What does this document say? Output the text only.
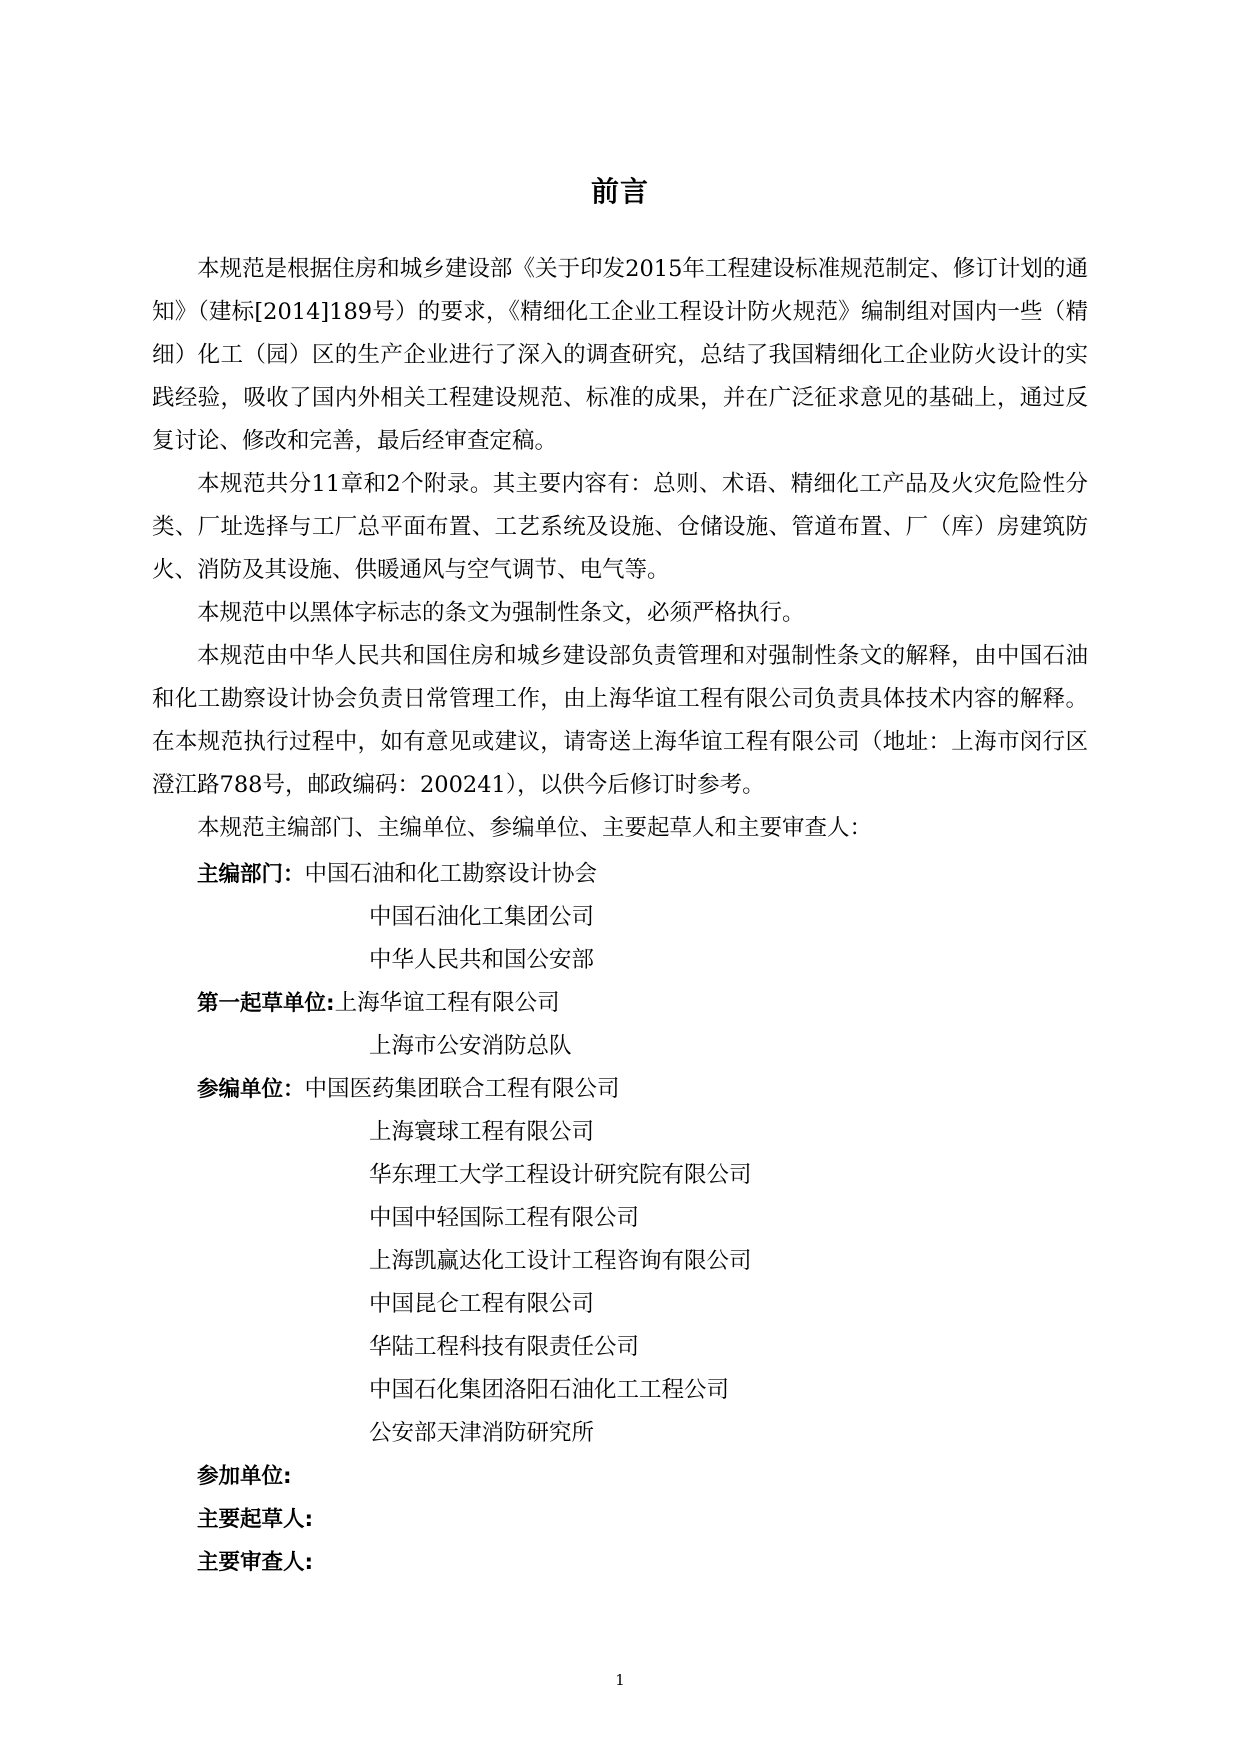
前言

本规范是根据住房和城乡建设部《关于印发2015年工程建设标准规范制定、修订计划的通知》（建标[2014]189号）的要求，《精细化工企业工程设计防火规范》编制组对国内一些（精细）化工（园）区的生产企业进行了深入的调查研究，总结了我国精细化工企业防火设计的实践经验，吸收了国内外相关工程建设规范、标准的成果，并在广泛征求意见的基础上，通过反复讨论、修改和完善，最后经审查定稿。

本规范共分11章和2个附录。其主要内容有：总则、术语、精细化工产品及火灾危险性分类、厂址选择与工厂总平面布置、工艺系统及设施、仓储设施、管道布置、厂（库）房建筑防火、消防及其设施、供暖通风与空气调节、电气等。

本规范中以黑体字标志的条文为强制性条文，必须严格执行。

本规范由中华人民共和国住房和城乡建设部负责管理和对强制性条文的解释，由中国石油和化工勘察设计协会负责日常管理工作，由上海华谊工程有限公司负责具体技术内容的解释。在本规范执行过程中，如有意见或建议，请寄送上海华谊工程有限公司（地址：上海市闵行区澄江路788号，邮政编码：200241），以供今后修订时参考。

本规范主编部门、主编单位、参编单位、主要起草人和主要审查人：

主编部门：中国石油和化工勘察设计协会
中国石油化工集团公司
中华人民共和国公安部
第一起草单位:上海华谊工程有限公司
上海市公安消防总队
参编单位：中国医药集团联合工程有限公司
上海寰球工程有限公司
华东理工大学工程设计研究院有限公司
中国中轻国际工程有限公司
上海凯赢达化工设计工程咨询有限公司
中国昆仑工程有限公司
华陆工程科技有限责任公司
中国石化集团洛阳石油化工工程公司
公安部天津消防研究所
参加单位:
主要起草人:
主要审查人:
1
